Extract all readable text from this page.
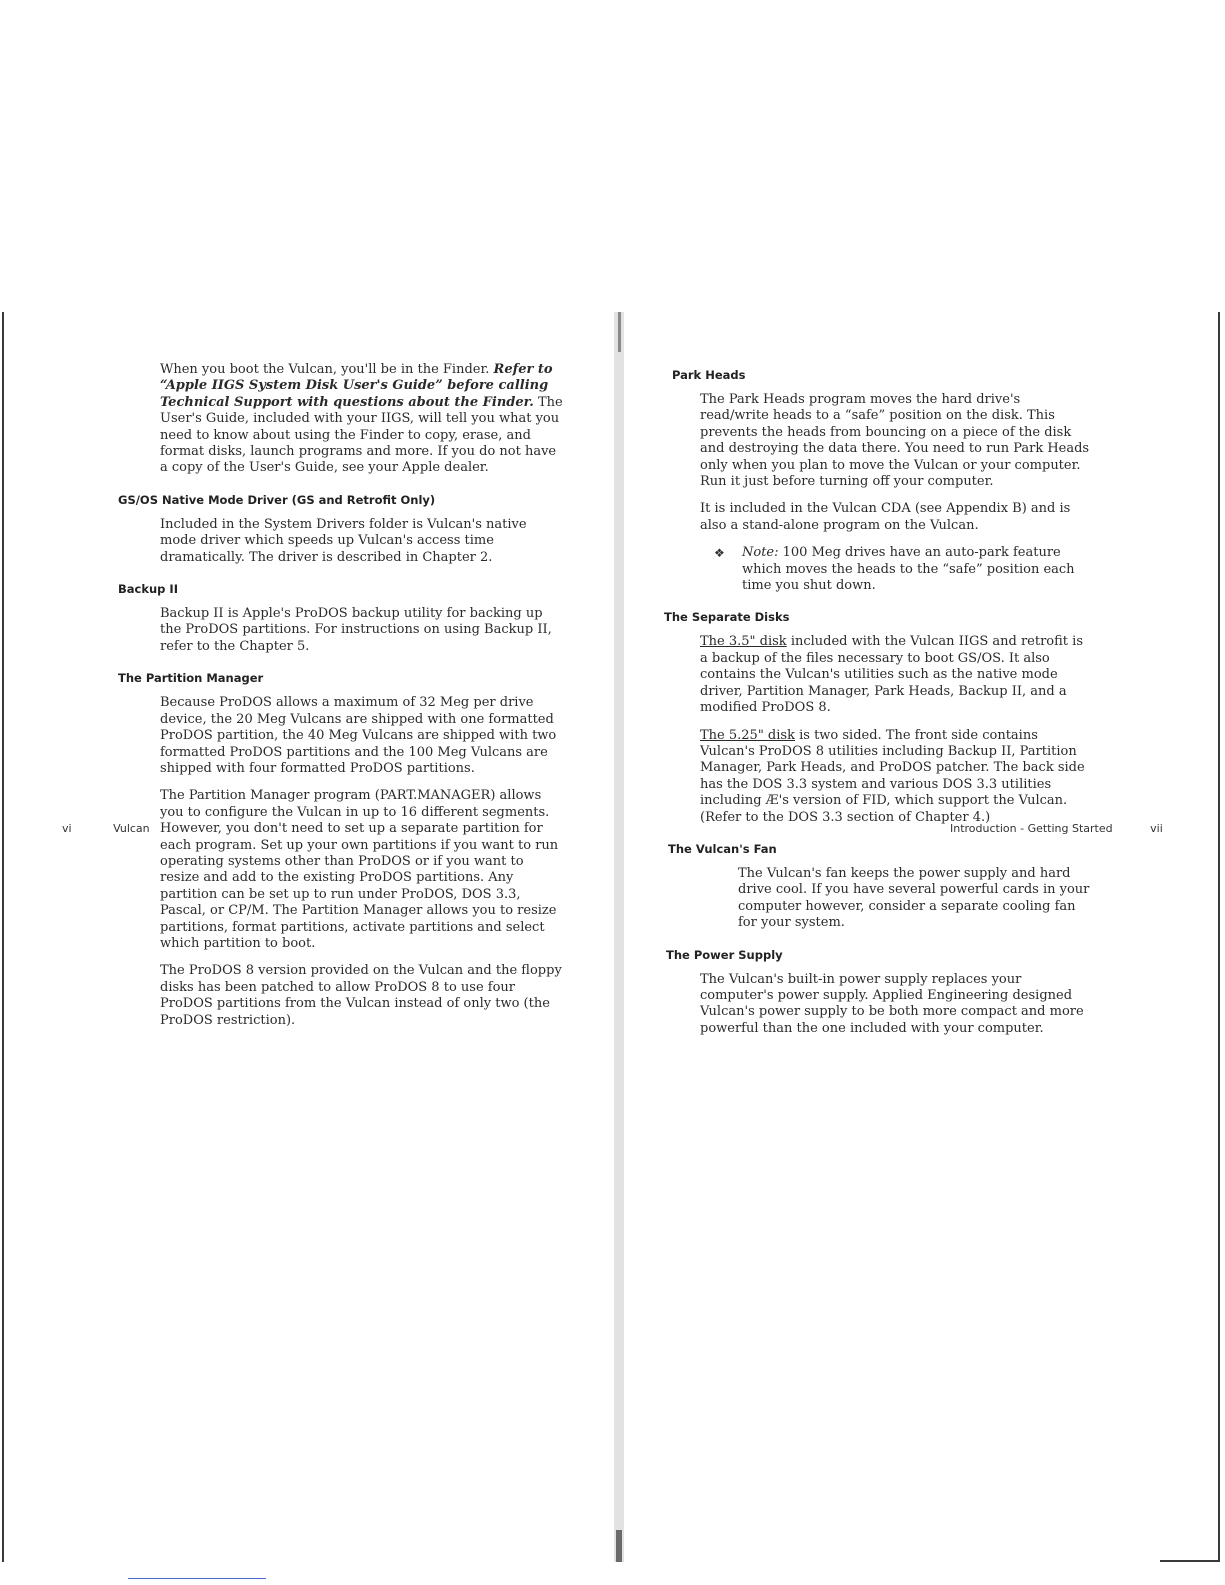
When you boot the Vulcan, you'll be in the Finder. Refer to “Apple IIGS System Disk User's Guide” before calling Technical Support with questions about the Finder. The User's Guide, included with your IIGS, will tell you what you need to know about using the Finder to copy, erase, and format disks, launch programs and more. If you do not have a copy of the User's Guide, see your Apple dealer.

GS/OS Native Mode Driver (GS and Retrofit Only)

Included in the System Drivers folder is Vulcan's native mode driver which speeds up Vulcan's access time dramatically. The driver is described in Chapter 2.

Backup II

Backup II is Apple's ProDOS backup utility for backing up the ProDOS partitions. For instructions on using Backup II, refer to the Chapter 5.

The Partition Manager

Because ProDOS allows a maximum of 32 Meg per drive device, the 20 Meg Vulcans are shipped with one formatted ProDOS partition, the 40 Meg Vulcans are shipped with two formatted ProDOS partitions and the 100 Meg Vulcans are shipped with four formatted ProDOS partitions.

The Partition Manager program (PART.MANAGER) allows you to configure the Vulcan in up to 16 different segments. However, you don't need to set up a separate partition for each program. Set up your own partitions if you want to run operating systems other than ProDOS or if you want to resize and add to the existing ProDOS partitions. Any partition can be set up to run under ProDOS, DOS 3.3, Pascal, or CP/M. The Partition Manager allows you to resize partitions, format partitions, activate partitions and select which partition to boot.

The ProDOS 8 version provided on the Vulcan and the floppy disks has been patched to allow ProDOS 8 to use four ProDOS partitions from the Vulcan instead of only two (the ProDOS restriction).

vi	Vulcan
Park Heads

The Park Heads program moves the hard drive's read/write heads to a “safe” position on the disk. This prevents the heads from bouncing on a piece of the disk and destroying the data there. You need to run Park Heads only when you plan to move the Vulcan or your computer. Run it just before turning off your computer.

It is included in the Vulcan CDA (see Appendix B) and is also a stand-alone program on the Vulcan.

❖	Note: 100 Meg drives have an auto-park feature which moves the heads to the “safe” position each time you shut down.

The Separate Disks

The 3.5" disk included with the Vulcan IIGS and retrofit is a backup of the files necessary to boot GS/OS. It also contains the Vulcan's utilities such as the native mode driver, Partition Manager, Park Heads, Backup II, and a modified ProDOS 8.

The 5.25" disk is two sided. The front side contains Vulcan's ProDOS 8 utilities including Backup II, Partition Manager, Park Heads, and ProDOS patcher. The back side has the DOS 3.3 system and various DOS 3.3 utilities including Æ's version of FID, which support the Vulcan. (Refer to the DOS 3.3 section of Chapter 4.)

The Vulcan's Fan

The Vulcan's fan keeps the power supply and hard drive cool. If you have several powerful cards in your computer however, consider a separate cooling fan for your system.

The Power Supply

The Vulcan's built-in power supply replaces your computer's power supply. Applied Engineering designed Vulcan's power supply to be both more compact and more powerful than the one included with your computer.

Introduction - Getting Started	vii
